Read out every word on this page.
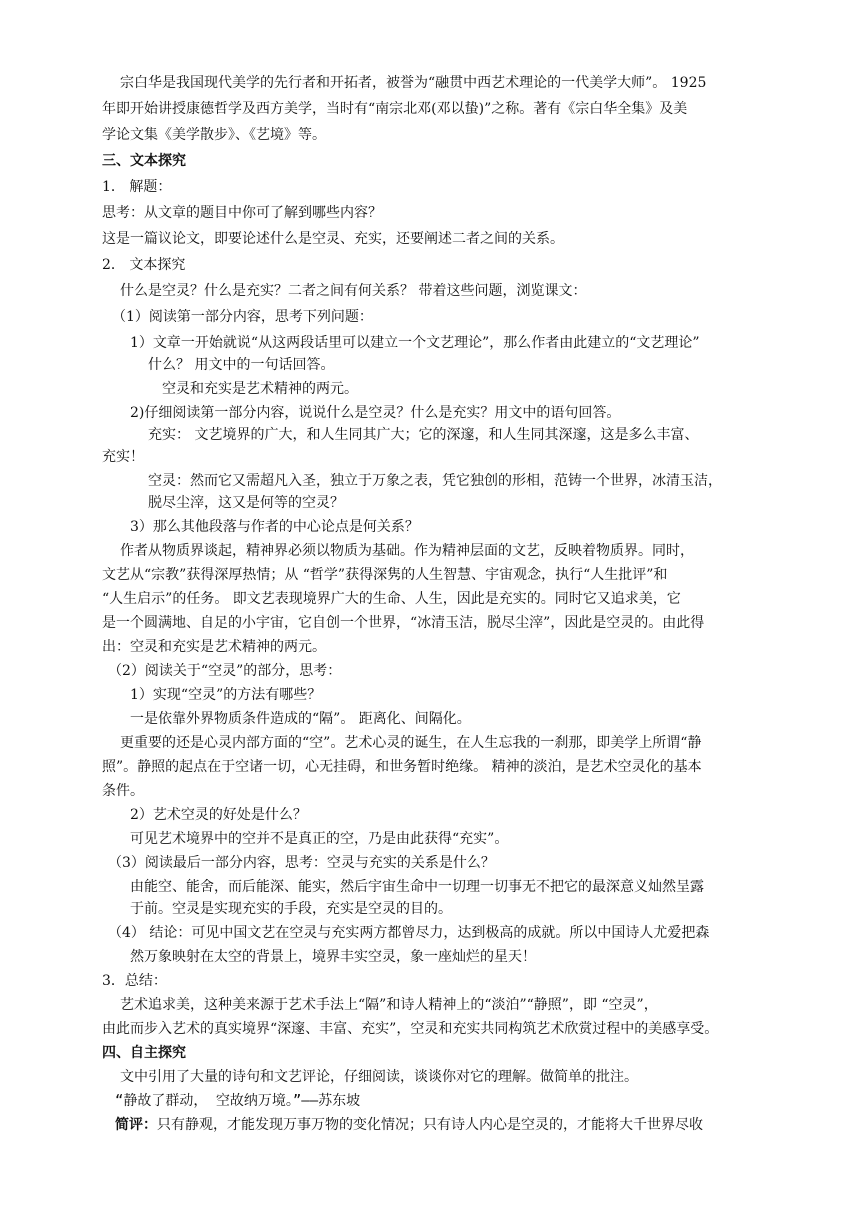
宗白华是我国现代美学的先行者和开拓者，被誉为“融贯中西艺术理论的一代美学大师”。 1925
年即开始讲授康德哲学及西方美学，当时有“南宗北邓(邓以蛰)”之称。著有《宗白华全集》及美
学论文集《美学散步》、《艺境》等。
三、文本探究
1． 解题：
思考：从文章的题目中你可了解到哪些内容？
这是一篇议论文，即要论述什么是空灵、充实，还要阐述二者之间的关系。
2． 文本探究
什么是空灵？什么是充实？二者之间有何关系？ 带着这些问题，浏览课文：
（1）阅读第一部分内容，思考下列问题：
1）文章一开始就说“从这两段话里可以建立一个文艺理论”，那么作者由此建立的“文艺理论”
什么？ 用文中的一句话回答。
空灵和充实是艺术精神的两元。
2)仔细阅读第一部分内容，说说什么是空灵？什么是充实？用文中的语句回答。
充实： 文艺境界的广大，和人生同其广大；它的深邃，和人生同其深邃，这是多么丰富、
充实！
空灵：然而它又需超凡入圣，独立于万象之表，凭它独创的形相，范铸一个世界，冰清玉洁，
脱尽尘滓，这又是何等的空灵？
3）那么其他段落与作者的中心论点是何关系？
作者从物质界谈起，精神界必须以物质为基础。作为精神层面的文艺，反映着物质界。同时，
文艺从“宗教”获得深厚热情；从 “哲学”获得深隽的人生智慧、宇宙观念，执行“人生批评”和
“人生启示”的任务。 即文艺表现境界广大的生命、人生，因此是充实的。同时它又追求美，它
是一个圆满地、自足的小宇宙，它自创一个世界，“冰清玉洁，脱尽尘滓”，因此是空灵的。由此得
出：空灵和充实是艺术精神的两元。
（2）阅读关于“空灵”的部分，思考：
1）实现“空灵”的方法有哪些？
一是依靠外界物质条件造成的“隔”。 距离化、间隔化。
更重要的还是心灵内部方面的“空”。艺术心灵的诞生，在人生忘我的一刹那，即美学上所谓“静
照”。静照的起点在于空诸一切，心无挂碍，和世务暂时绝缘。 精神的淡泊，是艺术空灵化的基本
条件。
2）艺术空灵的好处是什么？
可见艺术境界中的空并不是真正的空，乃是由此获得“充实”。
（3）阅读最后一部分内容，思考：空灵与充实的关系是什么？
由能空、能舍，而后能深、能实，然后宇宙生命中一切理一切事无不把它的最深意义灿然呈露
于前。空灵是实现充实的手段，充实是空灵的目的。
（4） 结论：可见中国文艺在空灵与充实两方都曾尽力，达到极高的成就。所以中国诗人尤爱把森
然万象映射在太空的背景上，境界丰实空灵，象一座灿烂的星天！
3．总结：
艺术追求美，这种美来源于艺术手法上“隔”和诗人精神上的“淡泊”“静照”，即 “空灵”，
由此而步入艺术的真实境界“深邃、丰富、充实”，空灵和充实共同构筑艺术欣赏过程中的美感享受。
四、自主探究
文中引用了大量的诗句和文艺评论，仔细阅读，谈谈你对它的理解。做简单的批注。
“静故了群动， 空故纳万境。”——苏东坡
简评：只有静观，才能发现万事万物的变化情况；只有诗人内心是空灵的，才能将大千世界尽收
